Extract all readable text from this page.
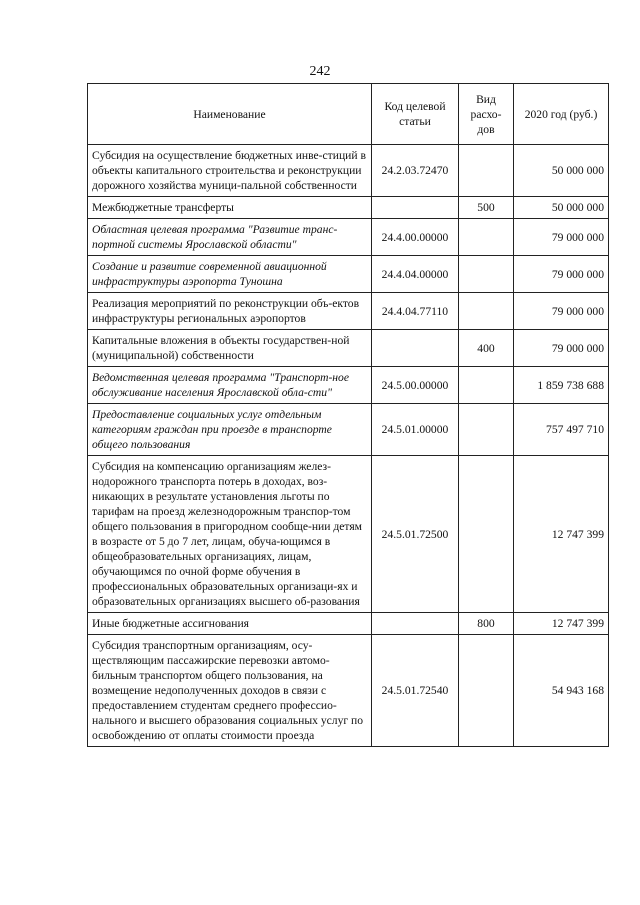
242
Наименование	Код целевой статьи	Вид расхо-дов	2020 год (руб.)
Субсидия на осуществление бюджетных инве-стиций в объекты капитального строительства и реконструкции дорожного хозяйства муници-пальной собственности	24.2.03.72470		50 000 000
Межбюджетные трансферты		500	50 000 000
Областная целевая программа "Развитие транс-портной системы Ярославской области"	24.4.00.00000		79 000 000
Создание и развитие современной авиационной инфраструктуры аэропорта Туношна	24.4.04.00000		79 000 000
Реализация мероприятий по реконструкции объ-ектов инфраструктуры региональных аэропортов	24.4.04.77110		79 000 000
Капитальные вложения в объекты государствен-ной (муниципальной) собственности		400	79 000 000
Ведомственная целевая программа "Транспорт-ное обслуживание населения Ярославской обла-сти"	24.5.00.00000		1 859 738 688
Предоставление социальных услуг отдельным категориям граждан при проезде в транспорте общего пользования	24.5.01.00000		757 497 710
Субсидия на компенсацию организациям желез-нодорожного транспорта потерь в доходах, воз-никающих в результате установления льготы по тарифам на проезд железнодорожным транспор-том общего пользования в пригородном сообще-нии детям в возрасте от 5 до 7 лет, лицам, обуча-ющимся в общеобразовательных организациях, лицам, обучающимся по очной форме обучения в профессиональных образовательных организаци-ях и образовательных организациях высшего об-разования	24.5.01.72500		12 747 399
Иные бюджетные ассигнования		800	12 747 399
Субсидия транспортным организациям, осу-ществляющим пассажирские перевозки автомо-бильным транспортом общего пользования, на возмещение недополученных доходов в связи с предоставлением студентам среднего профессио-нального и высшего образования социальных услуг по освобождению от оплаты стоимости проезда	24.5.01.72540		54 943 168
